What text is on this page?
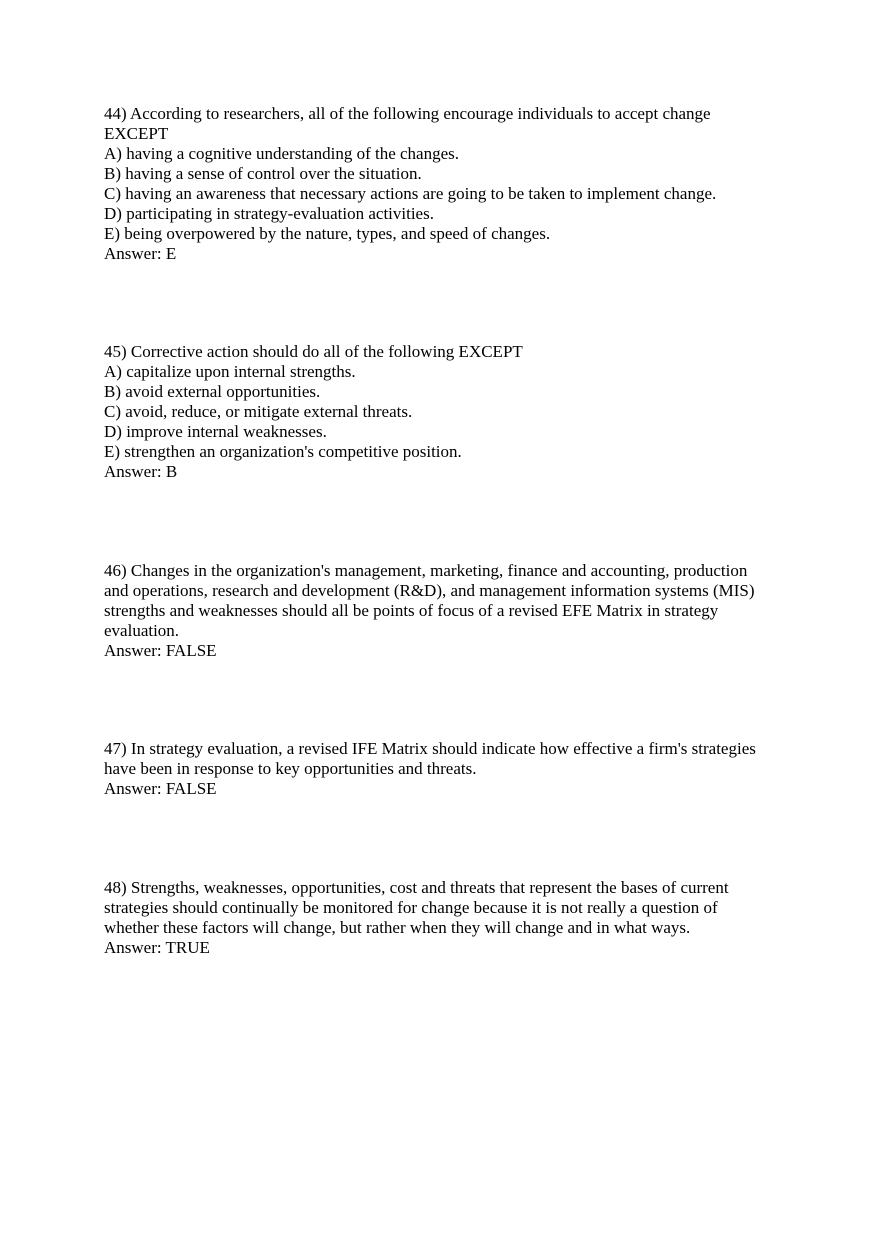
44) According to researchers, all of the following encourage individuals to accept change
EXCEPT
A) having a cognitive understanding of the changes.
B) having a sense of control over the situation.
C) having an awareness that necessary actions are going to be taken to implement change.
D) participating in strategy-evaluation activities.
E) being overpowered by the nature, types, and speed of changes.
Answer: E
45) Corrective action should do all of the following EXCEPT
A) capitalize upon internal strengths.
B) avoid external opportunities.
C) avoid, reduce, or mitigate external threats.
D) improve internal weaknesses.
E) strengthen an organization's competitive position.
Answer: B
46) Changes in the organization's management, marketing, finance and accounting, production
and operations, research and development (R&D), and management information systems (MIS)
strengths and weaknesses should all be points of focus of a revised EFE Matrix in strategy
evaluation.
Answer: FALSE
47) In strategy evaluation, a revised IFE Matrix should indicate how effective a firm's strategies
have been in response to key opportunities and threats.
Answer: FALSE
48) Strengths, weaknesses, opportunities, cost and threats that represent the bases of current
strategies should continually be monitored for change because it is not really a question of
whether these factors will change, but rather when they will change and in what ways.
Answer: TRUE
